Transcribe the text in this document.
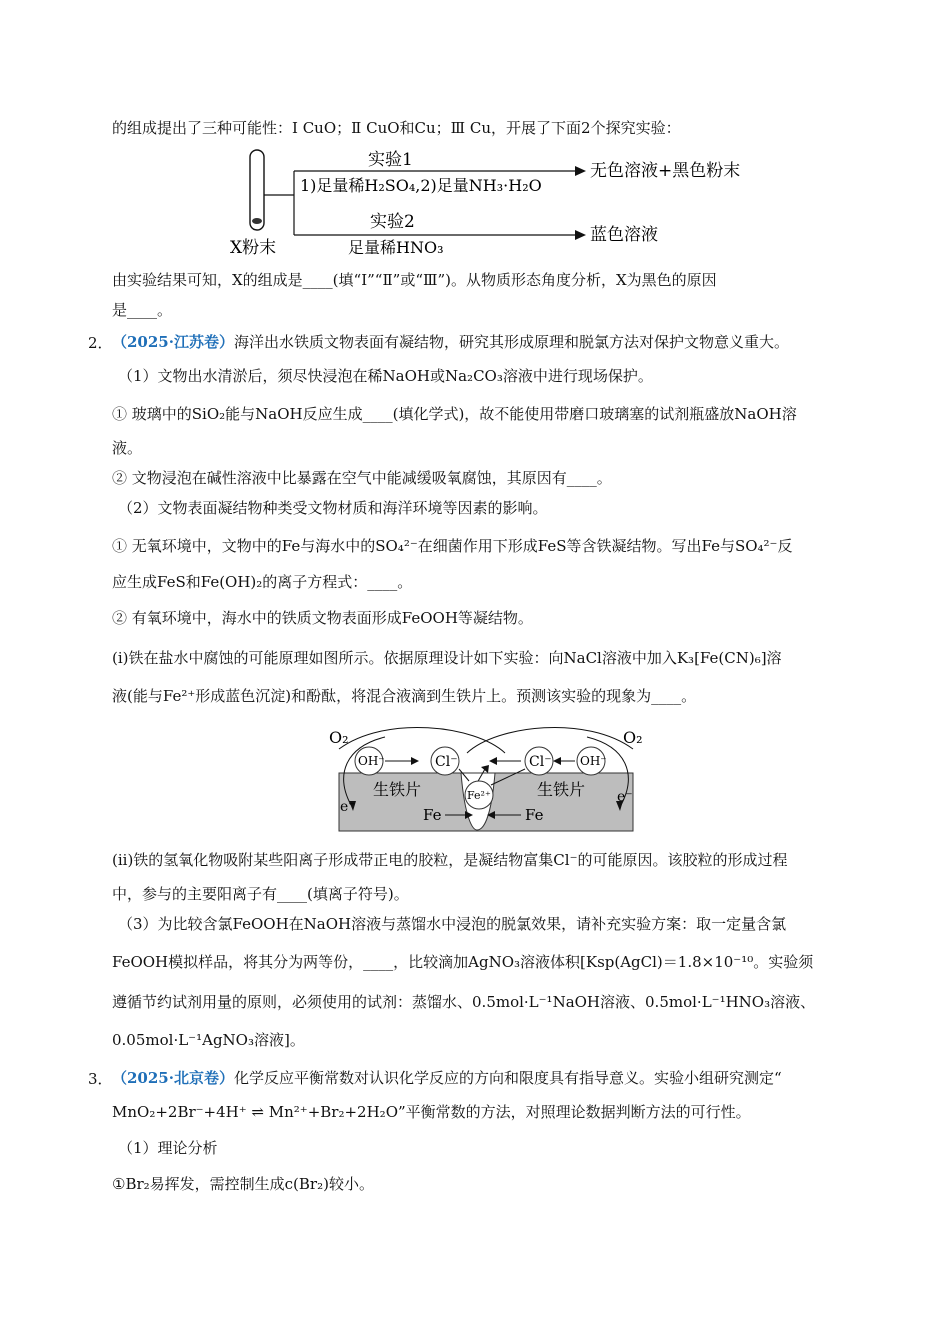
的组成提出了三种可能性：Ⅰ CuO；Ⅱ CuO和Cu；Ⅲ Cu，开展了下面2个探究实验：
实验1
1)足量稀H₂SO₄,2)足量NH₃·H₂O
无色溶液+黑色粉末
实验2
足量稀HNO₃
蓝色溶液
X粉末
由实验结果可知，X的组成是____(填“Ⅰ”“Ⅱ”或“Ⅲ”)。从物质形态角度分析，X为黑色的原因
是____。
2． （2025·江苏卷）海洋出水铁质文物表面有凝结物，研究其形成原理和脱氯方法对保护文物意义重大。
（1）文物出水清淤后，须尽快浸泡在稀NaOH或Na₂CO₃溶液中进行现场保护。
① 玻璃中的SiO₂能与NaOH反应生成____(填化学式)，故不能使用带磨口玻璃塞的试剂瓶盛放NaOH溶
液。
② 文物浸泡在碱性溶液中比暴露在空气中能减缓吸氧腐蚀，其原因有____。
（2）文物表面凝结物种类受文物材质和海洋环境等因素的影响。
① 无氧环境中，文物中的Fe与海水中的SO₄²⁻在细菌作用下形成FeS等含铁凝结物。写出Fe与SO₄²⁻反
应生成FeS和Fe(OH)₂的离子方程式：____。
② 有氧环境中，海水中的铁质文物表面形成FeOOH等凝结物。
(i)铁在盐水中腐蚀的可能原理如图所示。依据原理设计如下实验：向NaCl溶液中加入K₃[Fe(CN)₆]溶
液(能与Fe²⁺形成蓝色沉淀)和酚酞，将混合液滴到生铁片上。预测该实验的现象为____。
O₂	O₂
OH⁻	Cl⁻	Cl⁻ OH⁻
Fe²⁺
生铁片	生铁片
Fe	Fe
e⁻
e⁻
(ii)铁的氢氧化物吸附某些阳离子形成带正电的胶粒，是凝结物富集Cl⁻的可能原因。该胶粒的形成过程
中，参与的主要阳离子有____(填离子符号)。
（3）为比较含氯FeOOH在NaOH溶液与蒸馏水中浸泡的脱氯效果，请补充实验方案：取一定量含氯
FeOOH模拟样品，将其分为两等份，____，比较滴加AgNO₃溶液体积[Ksp(AgCl)＝1.8×10⁻¹⁰。实验须
遵循节约试剂用量的原则，必须使用的试剂：蒸馏水、0.5mol·L⁻¹NaOH溶液、0.5mol·L⁻¹HNO₃溶液、
0.05mol·L⁻¹AgNO₃溶液]。
3． （2025·北京卷）化学反应平衡常数对认识化学反应的方向和限度具有指导意义。实验小组研究测定“
MnO₂+2Br⁻+4H⁺ ⇌ Mn²⁺+Br₂+2H₂O”平衡常数的方法，对照理论数据判断方法的可行性。
（1）理论分析
①Br₂易挥发，需控制生成c(Br₂)较小。
